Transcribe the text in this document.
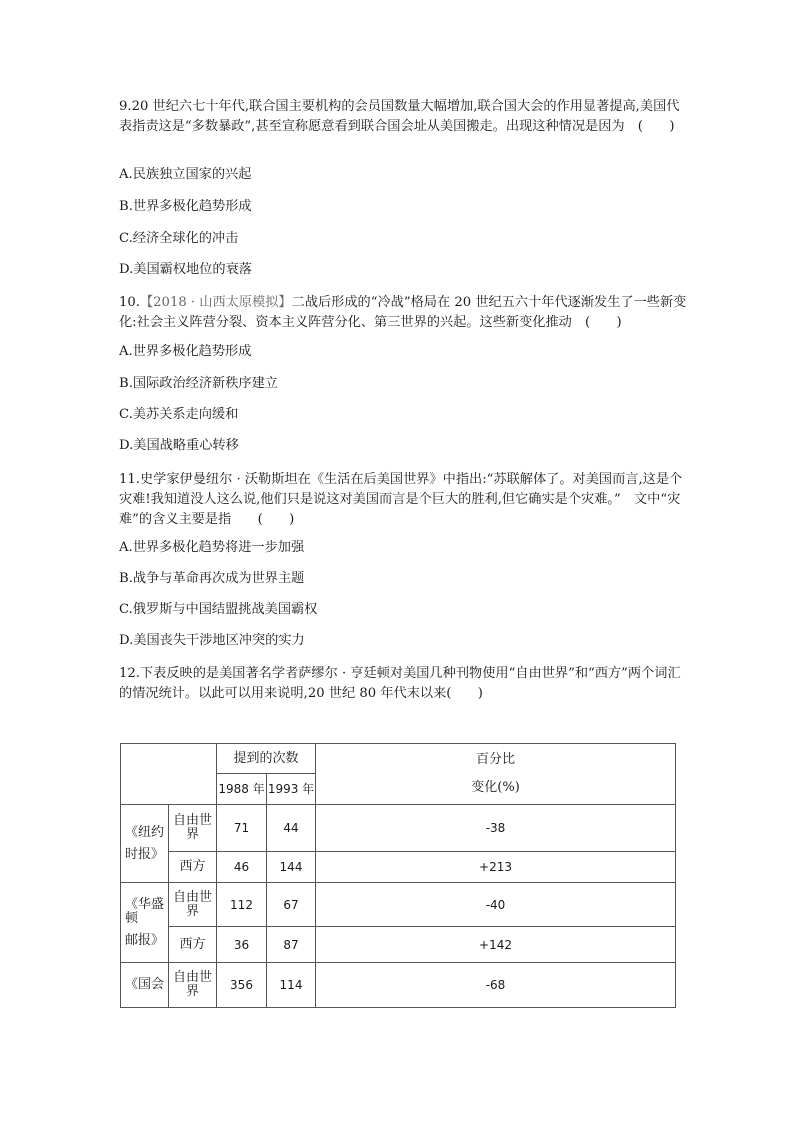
9.20 世纪六七十年代,联合国主要机构的会员国数量大幅增加,联合国大会的作用显著提高,美国代表指责这是“多数暴政”,甚至宣称愿意看到联合国会址从美国搬走。出现这种情况是因为　(　　)
A.民族独立国家的兴起
B.世界多极化趋势形成
C.经济全球化的冲击
D.美国霸权地位的衰落
10.【2018 · 山西太原模拟】二战后形成的“冷战”格局在 20 世纪五六十年代逐渐发生了一些新变化:社会主义阵营分裂、资本主义阵营分化、第三世界的兴起。这些新变化推动　(　　)
A.世界多极化趋势形成
B.国际政治经济新秩序建立
C.美苏关系走向缓和
D.美国战略重心转移
11.史学家伊曼纽尔 · 沃勒斯坦在《生活在后美国世界》中指出:“苏联解体了。对美国而言,这是个灾难!我知道没人这么说,他们只是说这对美国而言是个巨大的胜利,但它确实是个灾难。”　文中“灾难”的含义主要是指　　(　　)
A.世界多极化趋势将进一步加强
B.战争与革命再次成为世界主题
C.俄罗斯与中国结盟挑战美国霸权
D.美国丧失干涉地区冲突的实力
12.下表反映的是美国著名学者萨缪尔 · 亨廷顿对美国几种刊物使用“自由世界”和“西方”两个词汇的情况统计。以此可以用来说明,20 世纪 80 年代末以来(　　)
		提到的次数		百分比
变化(%)

		1988 年	1993 年	

《纽约
时报》	自由世界	71	44	-38
	西方	46	144	+213

《华盛顿
邮报》	自由世界	112	67	-40
	西方	36	87	+142
《国会	自由世界	356	114	-68
